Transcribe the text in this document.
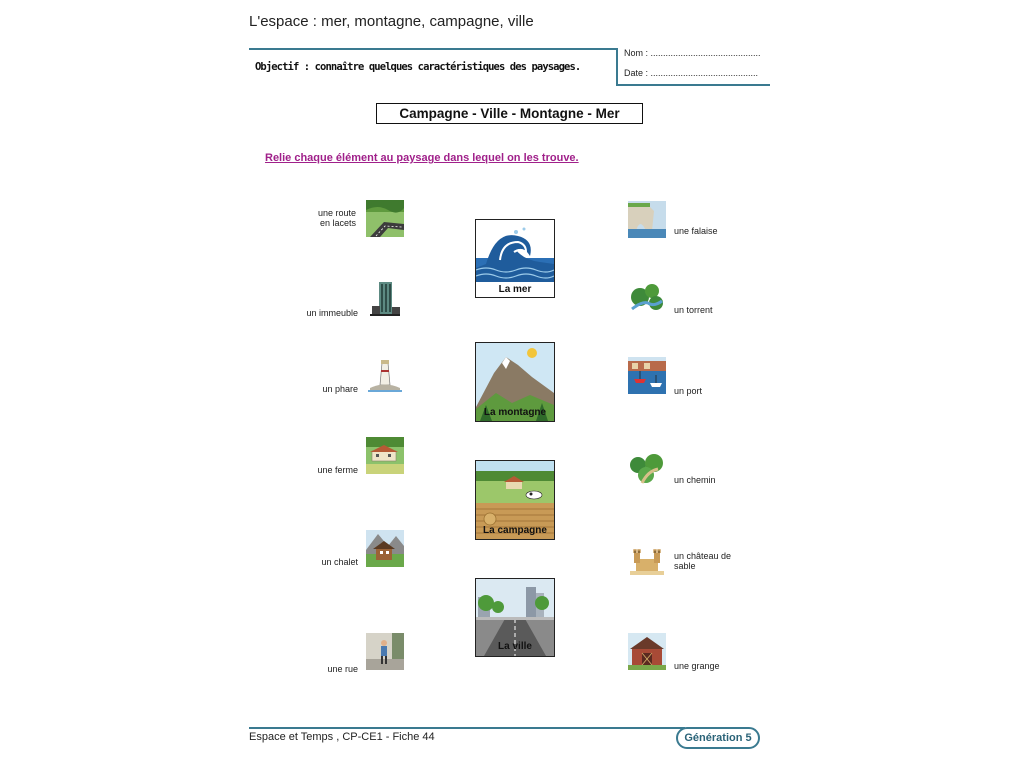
L'espace : mer, montagne, campagne, ville
Objectif : connaître quelques caractéristiques des paysages.
Nom : ............................................
Date : ...........................................
Campagne - Ville - Montagne - Mer
Relie chaque élément au paysage dans lequel on les trouve.
une route
en lacets
un immeuble
un phare
une ferme
un chalet
une rue
La mer
La montagne
La campagne
La ville
une falaise
un torrent
un port
un chemin
un château de
sable
une grange
Espace et Temps , CP-CE1 - Fiche 44	Génération 5
